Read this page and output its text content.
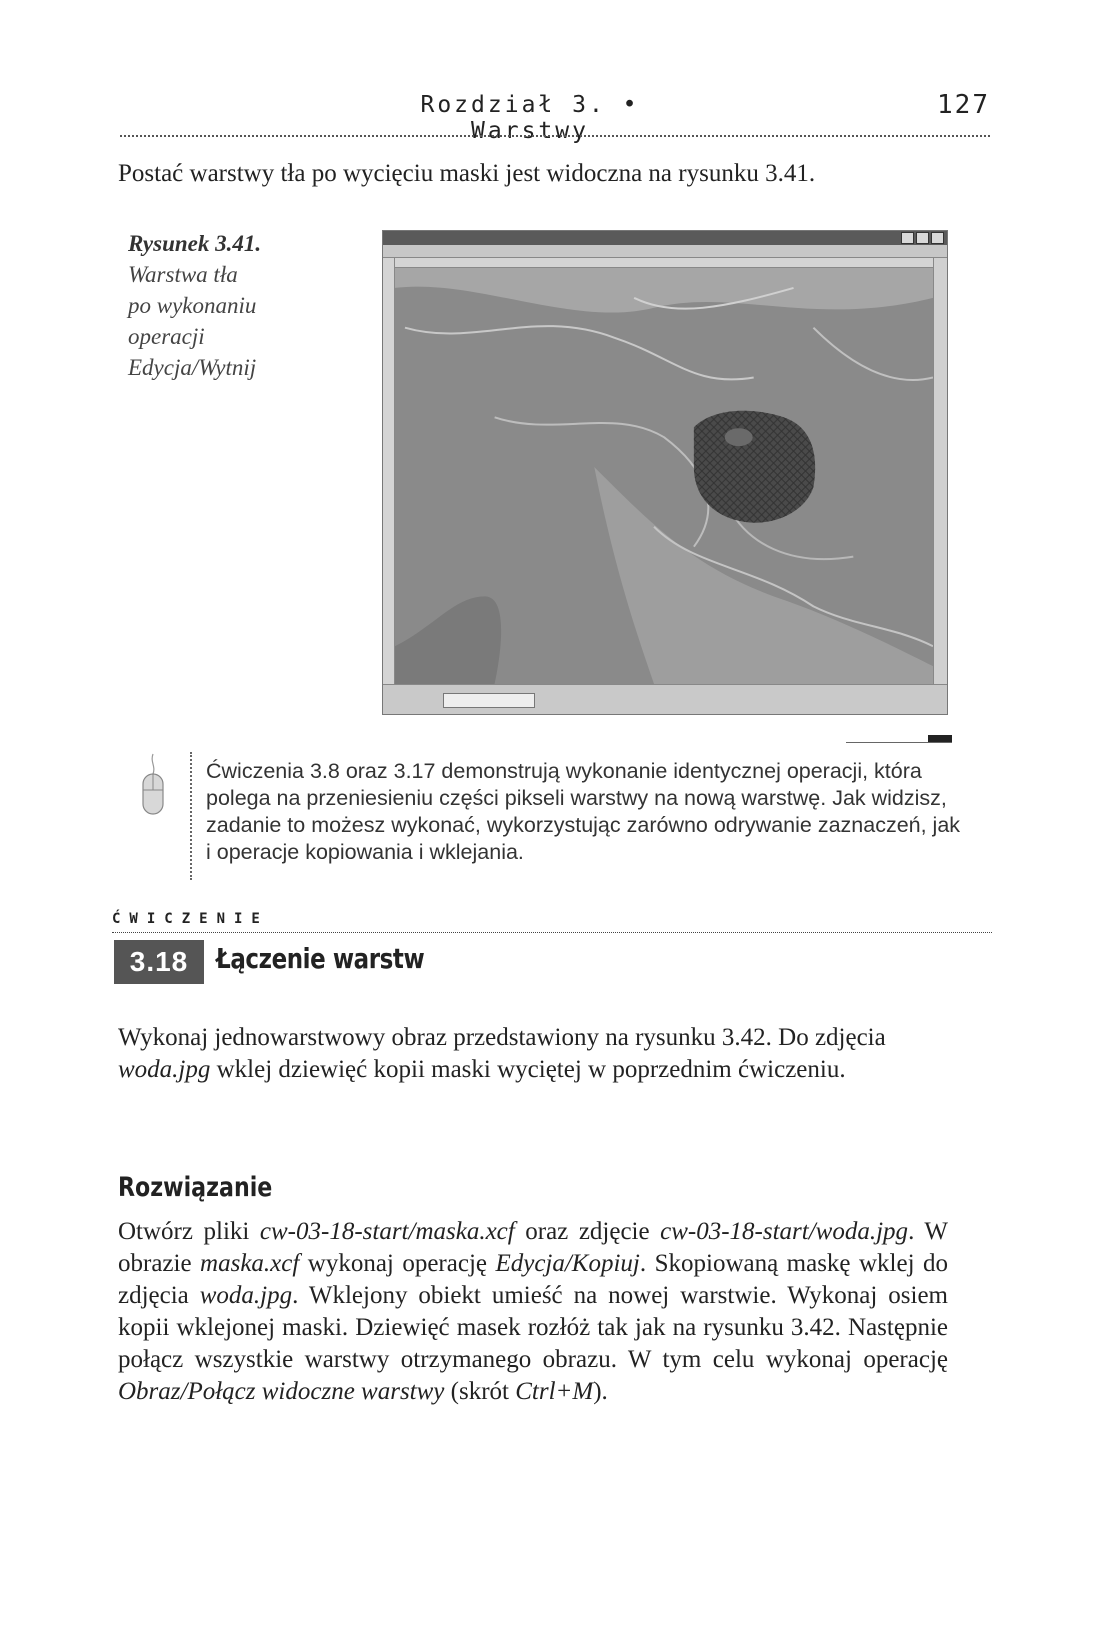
Rozdział 3. • Warstwy
127
Postać warstwy tła po wycięciu maski jest widoczna na rysunku 3.41.
Rysunek 3.41.
Warstwa tła
po wykonaniu
operacji
Edycja/Wytnij
Ćwiczenia 3.8 oraz 3.17 demonstrują wykonanie identycznej operacji, która polega na przeniesieniu części pikseli warstwy na nową warstwę. Jak widzisz, zadanie to możesz wykonać, wykorzystując zarówno odrywanie zaznaczeń, jak i operacje kopiowania i wklejania.
ĆWICZENIE
3.18 Łączenie warstw
Wykonaj jednowarstwowy obraz przedstawiony na rysunku 3.42. Do zdjęcia woda.jpg wklej dziewięć kopii maski wyciętej w poprzednim ćwiczeniu.
Rozwiązanie
Otwórz pliki cw-03-18-start/maska.xcf oraz zdjęcie cw-03-18-start/woda.jpg. W obrazie maska.xcf wykonaj operację Edycja/Kopiuj. Skopiowaną maskę wklej do zdjęcia woda.jpg. Wklejony obiekt umieść na nowej warstwie. Wykonaj osiem kopii wklejonej maski. Dziewięć masek rozłóż tak jak na rysunku 3.42. Następnie połącz wszystkie warstwy otrzymanego obrazu. W tym celu wykonaj operację Obraz/Połącz widoczne warstwy (skrót Ctrl+M).
